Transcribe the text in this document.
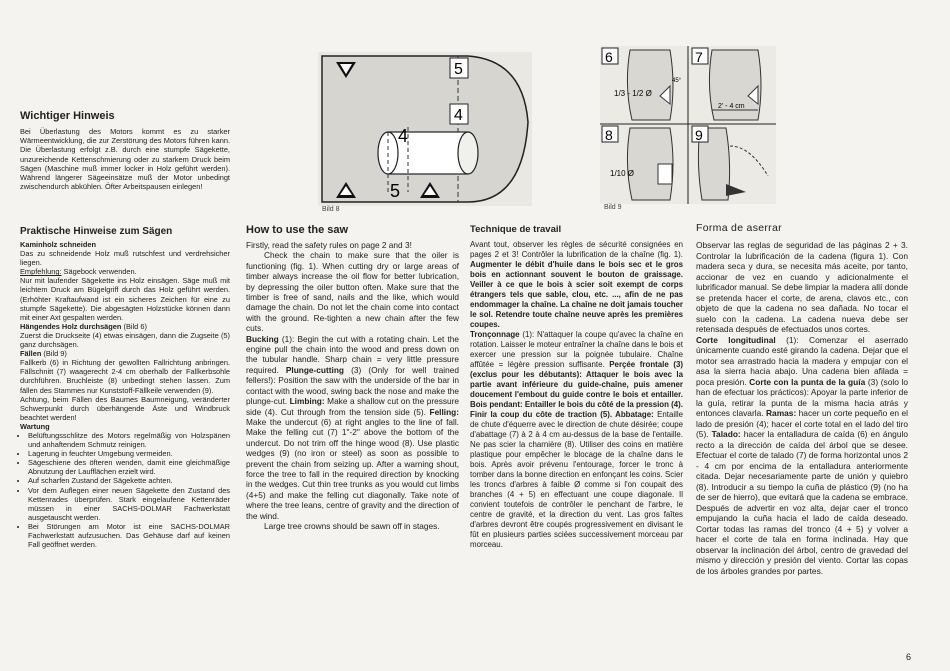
Wichtiger Hinweis
Bei Überlastung des Motors kommt es zu starker Wärmeentwicklung, die zur Zerstörung des Motors führen kann. Die Überlastung erfolgt z.B. durch eine stumpfe Sägekette, unzureichende Kettenschmierung oder zu starkem Druck beim Sägen (Maschine muß immer locker in Holz geführt werden). Während längerer Sägeeinsätze muß der Motor unbedingt zwischendurch abkühlen. Öfter Arbeitspausen einlegen!
5
4
4
5
Bild 8
6	7
8	9
1/3 - 1/2 Ø
45°
2' - 4 cm
1/10 Ø
Bild 9
Praktische Hinweise zum Sägen

Kaminholz schneiden

Das zu schneidende Holz muß rutschfest und verdrehsicher liegen.

Empfehlung: Sägebock verwenden.

Nur mit laufender Sägekette ins Holz einsägen. Säge muß mit leichtem Druck am Bügelgriff durch das Holz geführt werden. (Erhöhter Kraftaufwand ist ein sicheres Zeichen für eine zu stumpfe Sägekette). Die abgesägten Holzstücke können dann mit einer Axt gespalten werden.

Hängendes Holz durchsägen (Bild 6)

Zuerst die Druckseite (4) etwas einsägen, dann die Zugseite (5) ganz durchsägen.

Fällen (Bild 9)

Fallkerb (6) in Richtung der gewollten Fallrichtung anbringen. Fällschnitt (7) waagerecht 2-4 cm oberhalb der Fallkerbsohle durchführen. Bruchleiste (8) unbedingt stehen lassen. Zum fällen des Stammes nur Kunststoff-Fällkeile verwenden (9).

Achtung, beim Fällen des Baumes Baumneigung, veränderter Schwerpunkt durch überhängende Äste und Windbruck beachtet werden!

Wartung

• Belüftungsschlitze des Motors regelmäßig von Holzspänen und anhaftendem Schmutz reinigen.
• Lagerung in feuchter Umgebung vermeiden.
• Sägeschiene des öfteren wenden, damit eine gleichmäßige Abnutzung der Laufflächen erzielt wird.
• Auf scharfen Zustand der Sägekette achten.
• Vor dem Auflegen einer neuen Sägekette den Zustand des Kettenrades überprüfen. Stark eingelaufene Kettenräder müssen in einer SACHS-DOLMAR Fachwerkstatt ausgetauscht werden.
• Bei Störungen am Motor ist eine SACHS-DOLMAR Fachwerkstatt aufzusuchen. Das Gehäuse darf auf keinen Fall geöffnet werden.
How to use the saw

Firstly, read the safety rules on page 2 and 3!

Check the chain to make sure that the oiler is functioning (fig. 1). When cutting dry or large areas of timber always increase the oil flow for better lubrication, by depressing the oiler button often. Make sure that the timber is free of sand, nails and the like, which would damage the chain. Do not let the chain come into contact with the ground. Re-tighten a new chain after the few cuts.

Bucking (1): Begin the cut with a rotating chain. Let the engine pull the chain into the wood and press down on the tubular handle. Sharp chain = very little pressure required. Plunge-cutting (3) (Only for well trained fellers!): Position the saw with the underside of the bar in contact with the wood, swing back the nose and make the plunge-cut. Limbing: Make a shallow cut on the pressure side (4). Cut through from the tension side (5). Felling: Make the undercut (6) at right angles to the line of fall. Make the felling cut (7) 1"-2" above the bottom of the undercut. Do not trim off the hinge wood (8). Use plastic wedges (9) (no iron or steel) as soon as possible to prevent the chain from seizing up. After a warning shout, force the tree to fall in the required direction by knocking in the wedges. Cut thin tree trunks as you would cut limbs (4+5) and make the felling cut diagonally. Take note of where the tree leans, centre of gravity and the direction of the wind.

Large tree crowns should be sawn off in stages.

Technique de travail

Avant tout, observer les règles de sécurité consignées en pages 2 et 3! Contrôler la lubrification de la chaîne (fig. 1). Augmenter le débit d'huile dans le bois sec et le gros bois en actionnant souvent le bouton de graissage. Veiller à ce que le bois à scier soit exempt de corps étrangers tels que sable, clou, etc. ..., afin de ne pas endommager la chaîne. La chaîne ne doit jamais toucher le sol. Retendre toute chaîne neuve après les premières coupes.

Tronçonnage (1): N'attaquer la coupe qu'avec la chaîne en rotation. Laisser le moteur entraîner la chaîne dans le bois et exercer une pression sur la poignée tubulaire. Chaîne affûtée = légère pression suffisante. Perçée frontale (3) (exclus pour les débutants): Attaquer le bois avec la partie avant inférieure du guide-chaîne, puis amener doucement l'embout du guide contre le bois et entailler. Bois pendant: Entailler le bois du côté de la pression (4). Finir la coup du côte de traction (5). Abbatage: Entaille de chute d'équerre avec le direction de chute désirée; coupe d'abattage (7) à 2 à 4 cm au-dessus de la base de l'entaille. Ne pas scier la charnière (8). Utiliser des coins en matière plastique pour empêcher le blocage de la chaîne dans le bois. Après avoir prévenu l'entourage, forcer le tronc à tomber dans la bonne direction en enfonçant les coins. Scier les troncs d'arbres à faible Ø comme si l'on coupait des branches (4 + 5) en effectuant une coupe diagonale. Il convient toutefois de contrôler le penchant de l'arbre, le centre de gravité, et la direction du vent. Las gros faîtes d'arbres devront être coupés progressivement en divisant le fût en plusieurs parties sciées successivement morceau par morceau.

Forma de aserrar

Observar las reglas de seguridad de las páginas 2 + 3. Controlar la lubrificación de la cadena (figura 1). Con madera seca y dura, se necesita más aceite, por tanto, accionar de vez en cuando y adicionalmente el lubrificador manual. Se debe limpiar la madera allí donde se pretenda hacer el corte, de arena, clavos etc., con objeto de que la cadena no sea dañada. No tocar el suelo con la cadena. La cadena nueva debe ser retensada después de efectuados unos cortes.

Corte longitudinal (1): Comenzar el aserrado únicamente cuando esté girando la cadena. Dejar que el motor sea arrastrado hacia la madera y empujar con el asa la sierra hacia abajo. Una cadena bien afilada = poca presión. Corte con la punta de la guía (3) (solo lo han de efectuar los prácticos): Apoyar la parte inferior de la guía, retirar la punta de la misma hacia atrás y entonces clavarla. Ramas: hacer un corte pequeño en el lado de presión (4); hacer el corte total en el lado del tiro (5). Talado: hacer la entalladura de caída (6) en ángulo recto a la dirección de caída del árbol que se desee. Efectuar el corte de talado (7) de forma horizontal unos 2 - 4 cm por encima de la entalladura anteriormente citada. Dejar necesariamente parte de unión y quiebro (8). Introducir a su tiempo la cuña de plástico (9) (no ha de ser de hierro), que evitará que la cadena se embrace. Después de advertir en voz alta, dejar caer el tronco empujando la cuña hacia el lado de caída deseado. Cortar todas las ramas del tronco (4 + 5) y volver a hacer el corte de tala en forma inclinada. Hay que observar la inclinación del árbol, centro de gravedad del mismo y dirección y presión del viento. Cortar las copas de los árboles grandes por partes.

6
